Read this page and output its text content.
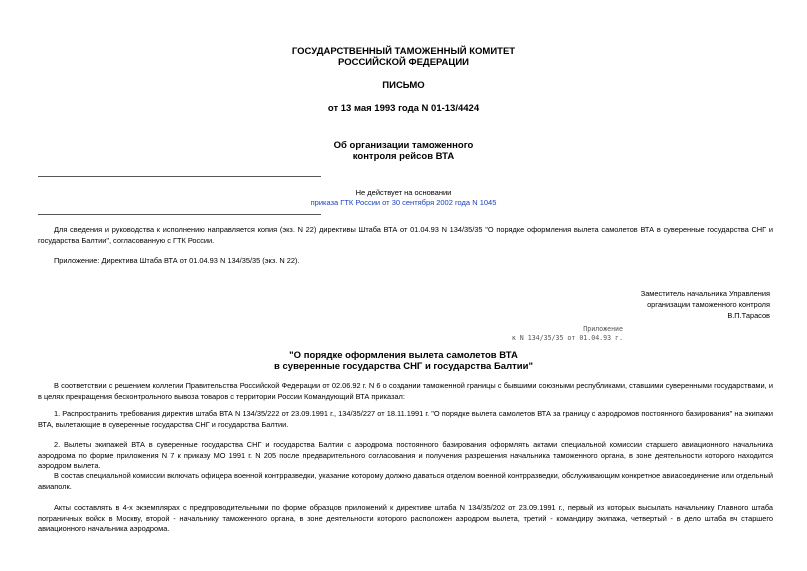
ГОСУДАРСТВЕННЫЙ ТАМОЖЕННЫЙ КОМИТЕТ
РОССИЙСКОЙ ФЕДЕРАЦИИ
ПИСЬМО
от 13 мая 1993 года N 01-13/4424
Об организации таможенного
контроля рейсов ВТА
Не действует на основании
приказа ГТК России от 30 сентября 2002 года N 1045
Для сведения и руководства к исполнению направляется копия (экз. N 22) директивы Штаба ВТА от 01.04.93 N 134/35/35 "О порядке оформления вылета самолетов ВТА в суверенные государства СНГ и государства Балтии", согласованную с ГТК России.
Приложение: Директива Штаба ВТА от 01.04.93 N 134/35/35 (экз. N 22).
Заместитель начальника Управления
организации таможенного контроля
В.П.Тарасов
Приложение
к N 134/35/35 от 01.04.93 г.
"О порядке оформления вылета самолетов ВТА
в суверенные государства СНГ и государства Балтии"
В соответствии с решением коллегии Правительства Российской Федерации от 02.06.92 г. N 6 о создании таможенной границы с бывшими союзными республиками, ставшими суверенными государствами, и в целях прекращения бесконтрольного вывоза товаров с территории России Командующий ВТА приказал:
1. Распространить требования директив штаба ВТА N 134/35/222 от 23.09.1991 г., 134/35/227 от 18.11.1991 г. "О порядке вылета самолетов ВТА за границу с аэродромов постоянного базирования" на экипажи ВТА, вылетающие в суверенные государства СНГ и государства Балтии.
2. Вылеты экипажей ВТА в суверенные государства СНГ и государства Балтии с аэродрома постоянного базирования оформлять актами специальной комиссии старшего авиационного начальника аэродрома по форме приложения N 7 к приказу МО 1991 г. N 205 после предварительного согласования и получения разрешения начальника таможенного органа, в зоне деятельности которого находится аэродром вылета.
В состав специальной комиссии включать офицера военной контрразведки, указание которому должно даваться отделом военной контрразведки, обслуживающим конкретное авиасоединение или отдельный авиаполк.
Акты составлять в 4-х экземплярах с предпроводительными по форме образцов приложений к директиве штаба N 134/35/202 от 23.09.1991 г., первый из которых высылать начальнику Главного штаба пограничных войск в Москву, второй - начальнику таможенного органа, в зоне деятельности которого расположен аэродром вылета, третий - командиру экипажа, четвертый - в дело штаба вч старшего авиационного начальника аэродрома.
